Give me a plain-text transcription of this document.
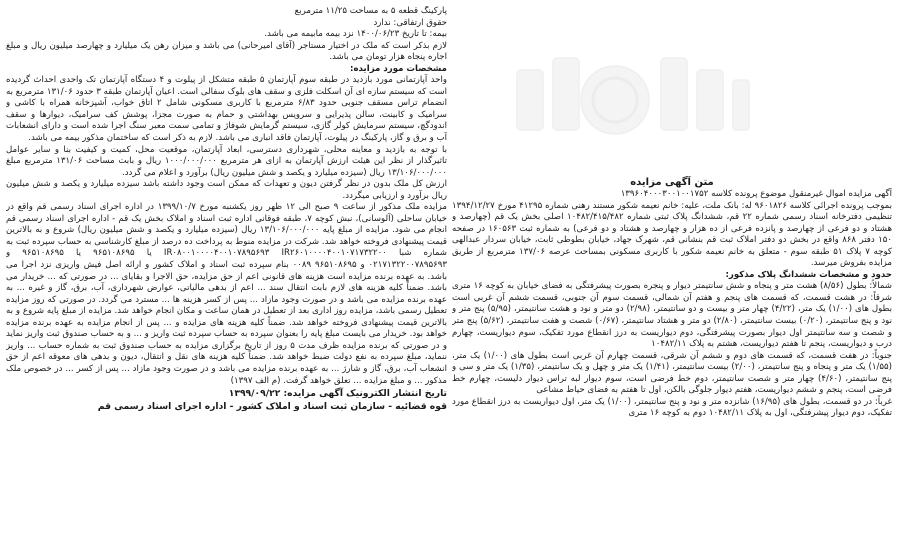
پارکینگ قطعه ۵ به مساحت ۱۱/۲۵ مترمربع

حقوق ارتفاقی: ندارد

بیمه: تا تاریخ ۱۴۰۰/۰۶/۲۳ نزد بیمه مابیمه می باشد.

لازم بذکر است که ملک در اختیار مستاجر (آقای امیرحانی) می باشد و میزان رهن یک میلیارد و چهارصد میلیون ریال و مبلغ اجاره پنجاه هزار تومان می باشد.

مشخصات مورد مزایده:

واحد آپارتمانی مورد بازدید در طبقه سوم آپارتمان ۵ طبقه متشکل از پیلوت و ۴ دستگاه آپارتمان تک واحدی احداث گردیده است که سیستم سازه ای آن اسکلت فلزی و سقف های بلوک سفالی است. اعیان آپارتمان طبقه ۳ حدود ۱۳۱/۰۶ مترمربع به انضمام تراس مسقف جنوبی حدود ۶/۸۳ مترمربع با کاربری مسکونی شامل ۲ اتاق خواب، آشپزخانه همراه با کاشی و سرامیک و کابینت، سالن پذیرایی و سرویس بهداشتی و حمام به صورت مجزا، پوشش کف سرامیک، دیوارها و سقف اندودگچ، سیستم سرمایش کولر گازی، سیستم گرمایش شوفاژ و تمامی سمت معبر سنگ اجرا شده است و دارای انشعابات آب و برق و گاز، پارکینگ در پیلوت، آپارتمان فاقد انباری می باشد. لازم به ذکر است که ساختمان مذکور بیمه می باشد.

با توجه به بازدید و معاینه محلی، شهرداری دسترسی، ابعاد آپارتمان، موقعیت محل، کمیت و کیفیت بنا و سایر عوامل تاثیرگذار از نظر این هیئت ارزش آپارتمان به ازای هر مترمربع ۱۰۰۰/۰۰۰/۰۰۰ ریال و بابت مساحت ۱۳۱/۰۶ مترمربع مبلغ ۱۳/۱۰۶/۰۰۰/۰۰۰ ریال (سیزده میلیارد و یکصد و شش میلیون ریال) برآورد و اعلام می گردد.

ارزش کل ملک بدون در نظر گرفتن دیون و تعهدات که ممکن است وجود داشته باشد سیزده میلیارد و یکصد و شش میلیون ریال برآورد و ارزیابی میگردد.

مزایده ملک مذکور از ساعت ۹ صبح الی ۱۲ ظهر روز یکشنبه مورخ ۱۳۹۹/۱۰/۷ در اداره اجرای اسناد رسمی قم واقع در خیابان ساحلی (آلوسانی)، نبش کوچه ۷، طبقه فوقانی اداره ثبت اسناد و املاک بخش یک قم - اداره اجرای اسناد رسمی قم انجام می شود. مزایده از مبلغ پایه ۱۳/۱۰۶/۰۰۰/۰۰۰ ریال (سیزده میلیارد و یکصد و شش میلیون ریال) شروع و به بالاترین قیمت پیشنهادی فروخته خواهد شد. شرکت در مزایده منوط به پرداخت ده درصد از مبلغ کارشناسی به حساب سپرده ثبت به شماره شبا IR۰۸۰۰۱۰۰۰۰۴۰۰۱۰۷۸۹۵۶۹۳ IR۲۶۰۱۰۰۰۰۴۰۰۱۰۷۱۷۳۲۲۰۰ یا ۹۶۵۱۰۸۶۹۵ یا ۹۶۵۱۰۸۶۹۵ و ۰۲۱۷۱۳۲۲۰۰۷۸۹۵۶۹۳ و ۹۶۵۱۰۸۶۹۵ ۰۰۸۹ بنام سپرده ثبت اسناد و املاک کشور و ارائه اصل فیش واریزی نزد اجرا می باشد. به عهده برنده مزایده است هزینه های قانونی اعم از حق مزایده، حق الاجرا و بقایای ... در صورتی که ... خریدار می باشد. ضمناً کلیه هزینه های لازم بابت انتقال سند ... اعم از بدهی مالیاتی، عوارض شهرداری، آب، برق، گاز و غیره ... به عهده برنده مزایده می باشد و در صورت وجود مازاد ... پس از کسر هزینه ها ... مسترد می گردد. در صورتی که روز مزایده تعطیل رسمی باشد، مزایده روز اداری بعد از تعطیل در همان ساعت و مکان انجام خواهد شد. مزایده از مبلغ پایه شروع و به بالاترین قیمت پیشنهادی فروخته خواهد شد. ضمناً کلیه هزینه های مزایده و ... پس از انجام مزایده به عهده برنده مزایده خواهد بود. خریدار می بایست مبلغ پایه را بعنوان سپرده به حساب سپرده ثبت واریز و ... و به حساب صندوق ثبت واریز نماید و در صورتی که برنده مزایده ظرف مدت ۵ روز از تاریخ برگزاری مزایده به حساب صندوق ثبت به شماره حساب ... واریز ننماید، مبلغ سپرده به نفع دولت ضبط خواهد شد. ضمناً کلیه هزینه های نقل و انتقال، دیون و بدهی های معوقه اعم از حق انشعاب آب، برق، گاز و شارژ ... به عهده برنده مزایده می باشد و در صورت وجود مازاد ... پس از کسر ... در خصوص ملک مذکور ... و مبلغ مزایده ... تعلق خواهد گرفت. (م الف ۱۳۹۷)

تاریخ انتشار الکترونیک آگهی مزایده: ۱۳۹۹/۰۹/۲۲

قوه قضائیه - سازمان ثبت اسناد و املاک کشور - اداره اجرای اسناد رسمی قم

متن آگهی مزایده

آگهی مزایده اموال غیرمنقول موضوع پرونده کلاسه ۱۳۹۶۰۴۰۰۰۳۰۰۱۰۰۱۷۵۲

بموجب پرونده اجرائی کلاسه ۹۶۰۱۸۲۶ له: بانک ملت، علیه: خانم نعیمه شکور مستند رهنی شماره ۴۱۲۹۵ مورخ ۱۳۹۴/۱۲/۲۷ تنظیمی دفترخانه اسناد رسمی شماره ۲۲ قم، ششدانگ پلاک ثبتی شماره ۱۰۴۸۲/۴۱۵/۴۸۲ اصلی بخش یک قم (چهارصد و هشتاد و دو فرعی از چهارصد و پانزده فرعی از ده هزار و چهارصد و هشتاد و دو فرعی) به شماره ثبت ۱۶۰۵۶۳ در صفحه ۱۵۰ دفتر ۸۶۸ واقع در بخش دو دفتر املاک ثبت قم بنشانی قم، شهرک جهاد، خیابان بطوطی ثابت، خیابان سردار عبدالهی کوچه ۷ پلاک ۵۱ طبقه سوم - متعلق به خانم نعیمه شکور با کاربری مسکونی بمساحت عرصه ۱۳۷/۰۶ مترمربع از طریق مزایده بفروش میرسد.

حدود و مشخصات ششدانگ پلاک مذکور:

شمالاً: بطول (۸/۵۶) هشت متر و پنجاه و شش سانتیمتر دیوار و پنجره بصورت پیشرفتگی به فضای خیابان به کوچه ۱۶ متری شرقاً: در هشت قسمت، که قسمت های پنجم و هفتم آن شمالی، قسمت سوم آن جنوبی، قسمت ششم آن غربی است بطول های (۱/۰۰) یک متر، (۴/۲۲) چهار متر و بیست و دو سانتیمتر، (۲/۹۸) دو متر و نود و هشت سانتیمتر، (۵/۹۵) پنج متر و نود و پنج سانتیمتر، (۰/۲۰) بیست سانتیمتر، (۲/۸۰) دو متر و هشتاد سانتیمتر، (۰/۶۷) شصت و هفت سانتیمتر، (۵/۶۲) پنج متر و شصت و سه سانتیمتر اول دیوار بصورت پیشرفتگی، دوم دیواریست به درز انقطاع مورد تفکیک، سوم دیواریست، چهارم درب و دیواریست، پنجم تا هفتم دیواریست، هشتم به پلاک ۱۰۴۸۲/۱۱

جنوباً: در هفت قسمت، که قسمت های دوم و ششم آن شرقی، قسمت چهارم آن غربی است بطول های (۱/۰۰) یک متر، (۱/۵۵) یک متر و پنجاه و پنج سانتیمتر، (۲/۰۰) بیست سانتیمتر، (۱/۴۱) یک متر و چهل و یک سانتیمتر، (۱/۳۵) یک متر و سی و پنج سانتیمتر، (۴/۶۰) چهار متر و شصت سانتیمتر، دوم خط فرضی است، سوم دیوار لبه تراس دیوار دلیست، چهارم خط فرضی است، پنجم و ششم دیواریست، هفتم دیوار جلوگی بالکن، اول تا هفتم به فضای حیاط مشاعی

غرباً: در دو قسمت، بطول های (۱۶/۹۵) شانزده متر و نود و پنج سانتیمتر، (۱/۰۰) یک متر، اول دیواریست به درز انقطاع مورد تفکیک، دوم دیوار پیشرفتگی، اول به پلاک ۱۰۴۸۲/۱۱ دوم به کوچه ۱۶ متری
